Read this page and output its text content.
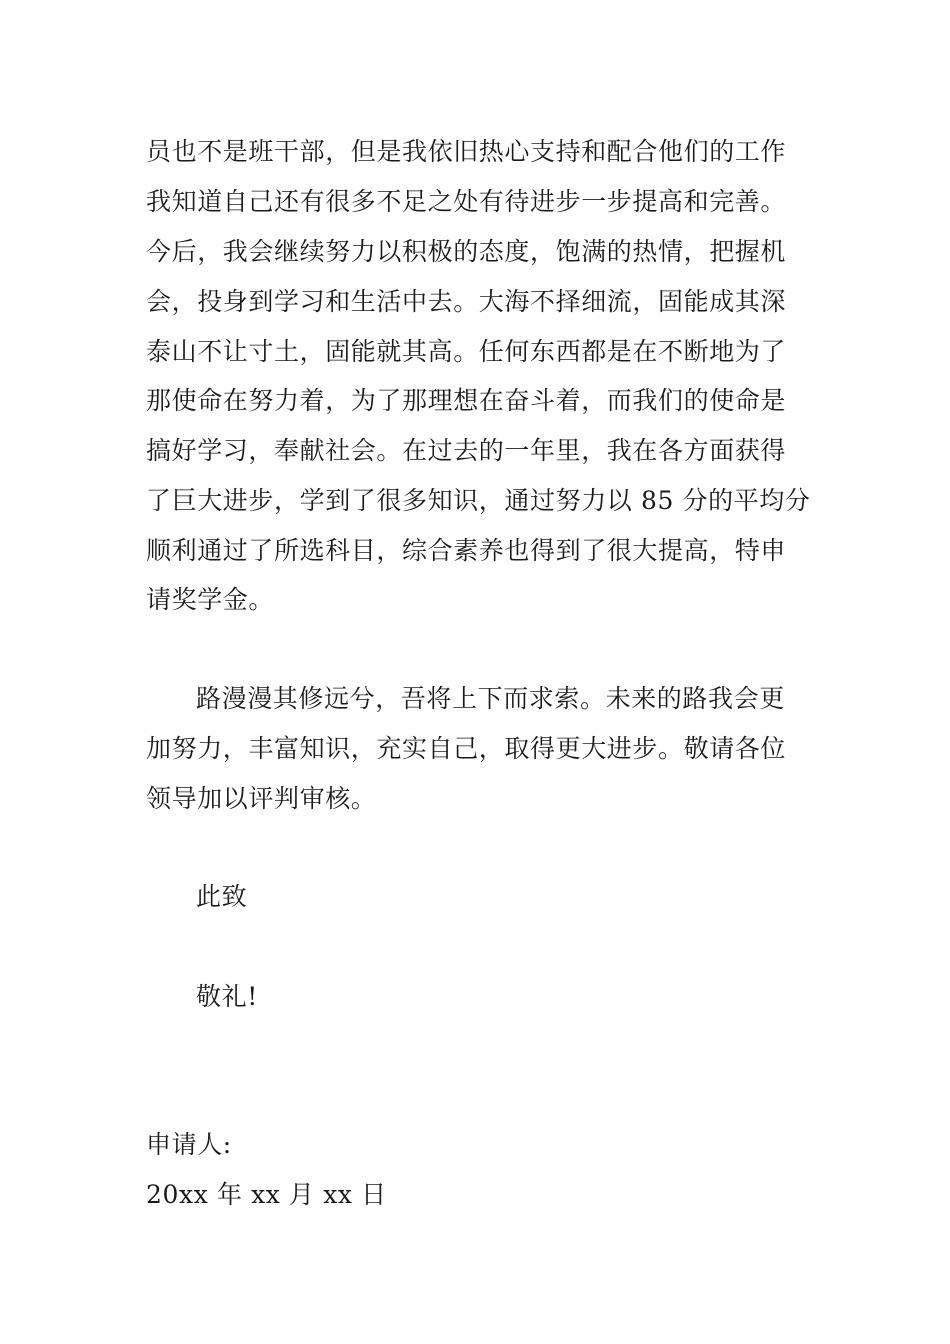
员也不是班干部，但是我依旧热心支持和配合他们的工作
我知道自己还有很多不足之处有待进步一步提高和完善。
今后，我会继续努力以积极的态度，饱满的热情，把握机
会，投身到学习和生活中去。大海不择细流，固能成其深
泰山不让寸土，固能就其高。任何东西都是在不断地为了
那使命在努力着，为了那理想在奋斗着，而我们的使命是
搞好学习，奉献社会。在过去的一年里，我在各方面获得
了巨大进步，学到了很多知识，通过努力以 85 分的平均分
顺利通过了所选科目，综合素养也得到了很大提高，特申
请奖学金。
路漫漫其修远兮，吾将上下而求索。未来的路我会更
加努力，丰富知识，充实自己，取得更大进步。敬请各位
领导加以评判审核。
此致
敬礼!
申请人:
20xx 年 xx 月 xx 日
